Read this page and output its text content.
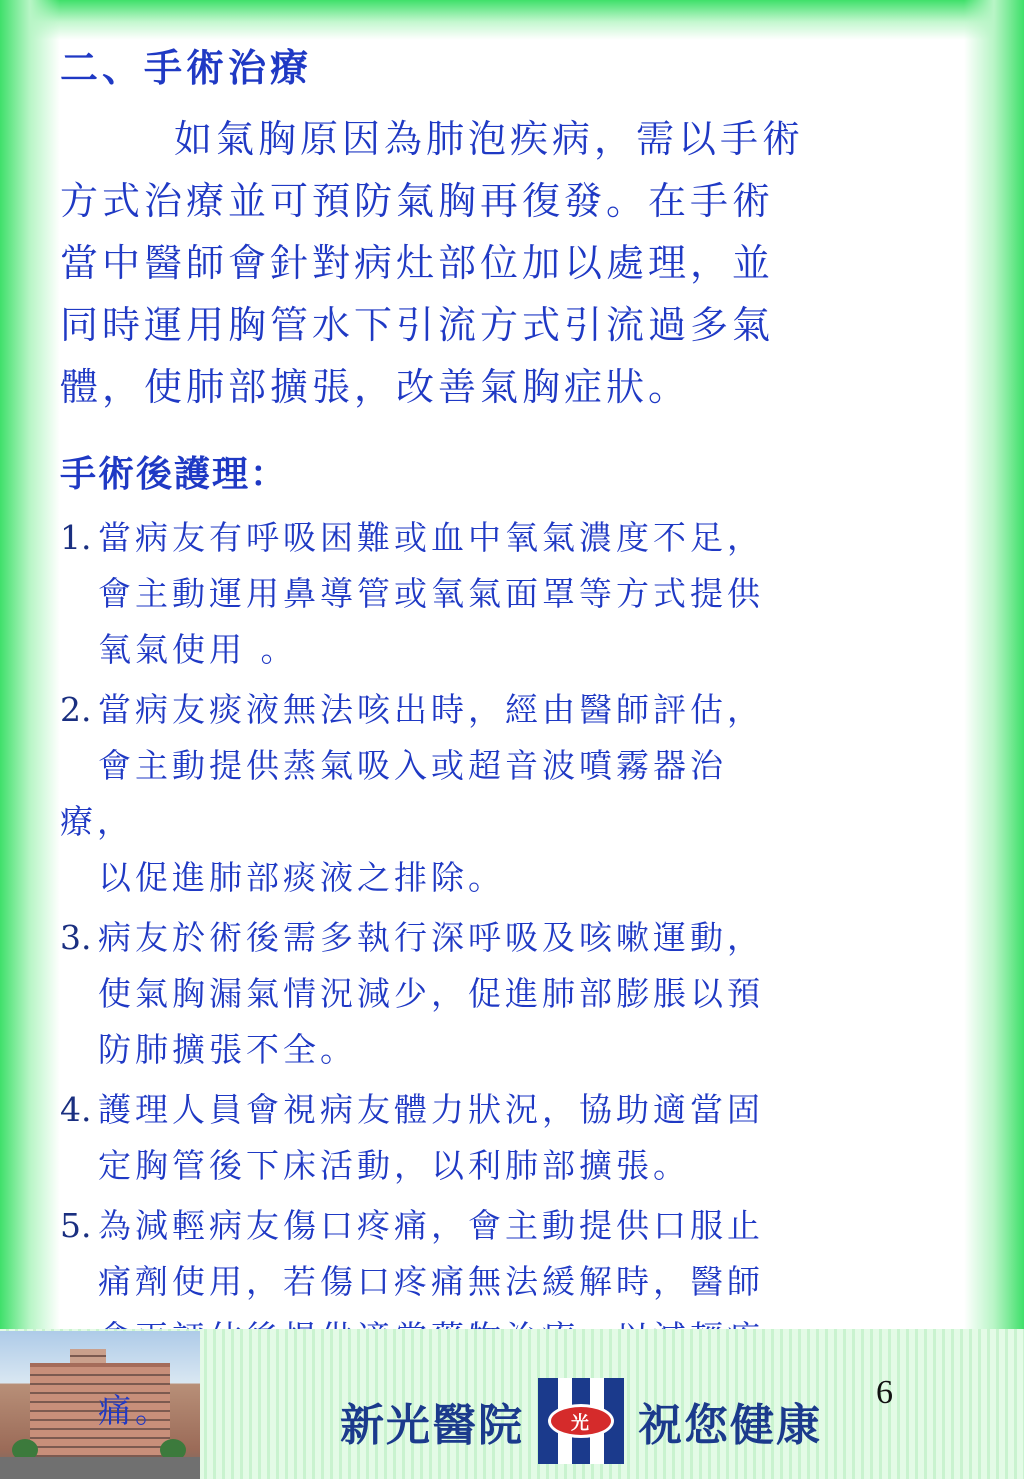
二、手術治療

如氣胸原因為肺泡疾病，需以手術
方式治療並可預防氣胸再復發。在手術
當中醫師會針對病灶部位加以處理，並
同時運用胸管水下引流方式引流過多氣
體，使肺部擴張，改善氣胸症狀。

手術後護理：
1. 當病友有呼吸困難或血中氧氣濃度不足，
會主動運用鼻導管或氧氣面罩等方式提供
氧氣使用 。
2. 當病友痰液無法咳出時，經由醫師評估，
會主動提供蒸氣吸入或超音波噴霧器治
療，
以促進肺部痰液之排除。
3. 病友於術後需多執行深呼吸及咳嗽運動，
使氣胸漏氣情況減少，促進肺部膨脹以預
防肺擴張不全。
4. 護理人員會視病友體力狀況，協助適當固
定胸管後下床活動，以利肺部擴張。
5. 為減輕病友傷口疼痛，會主動提供口服止
痛劑使用，若傷口疼痛無法緩解時，醫師
新光醫院	光	祝您健康
痛。	6
